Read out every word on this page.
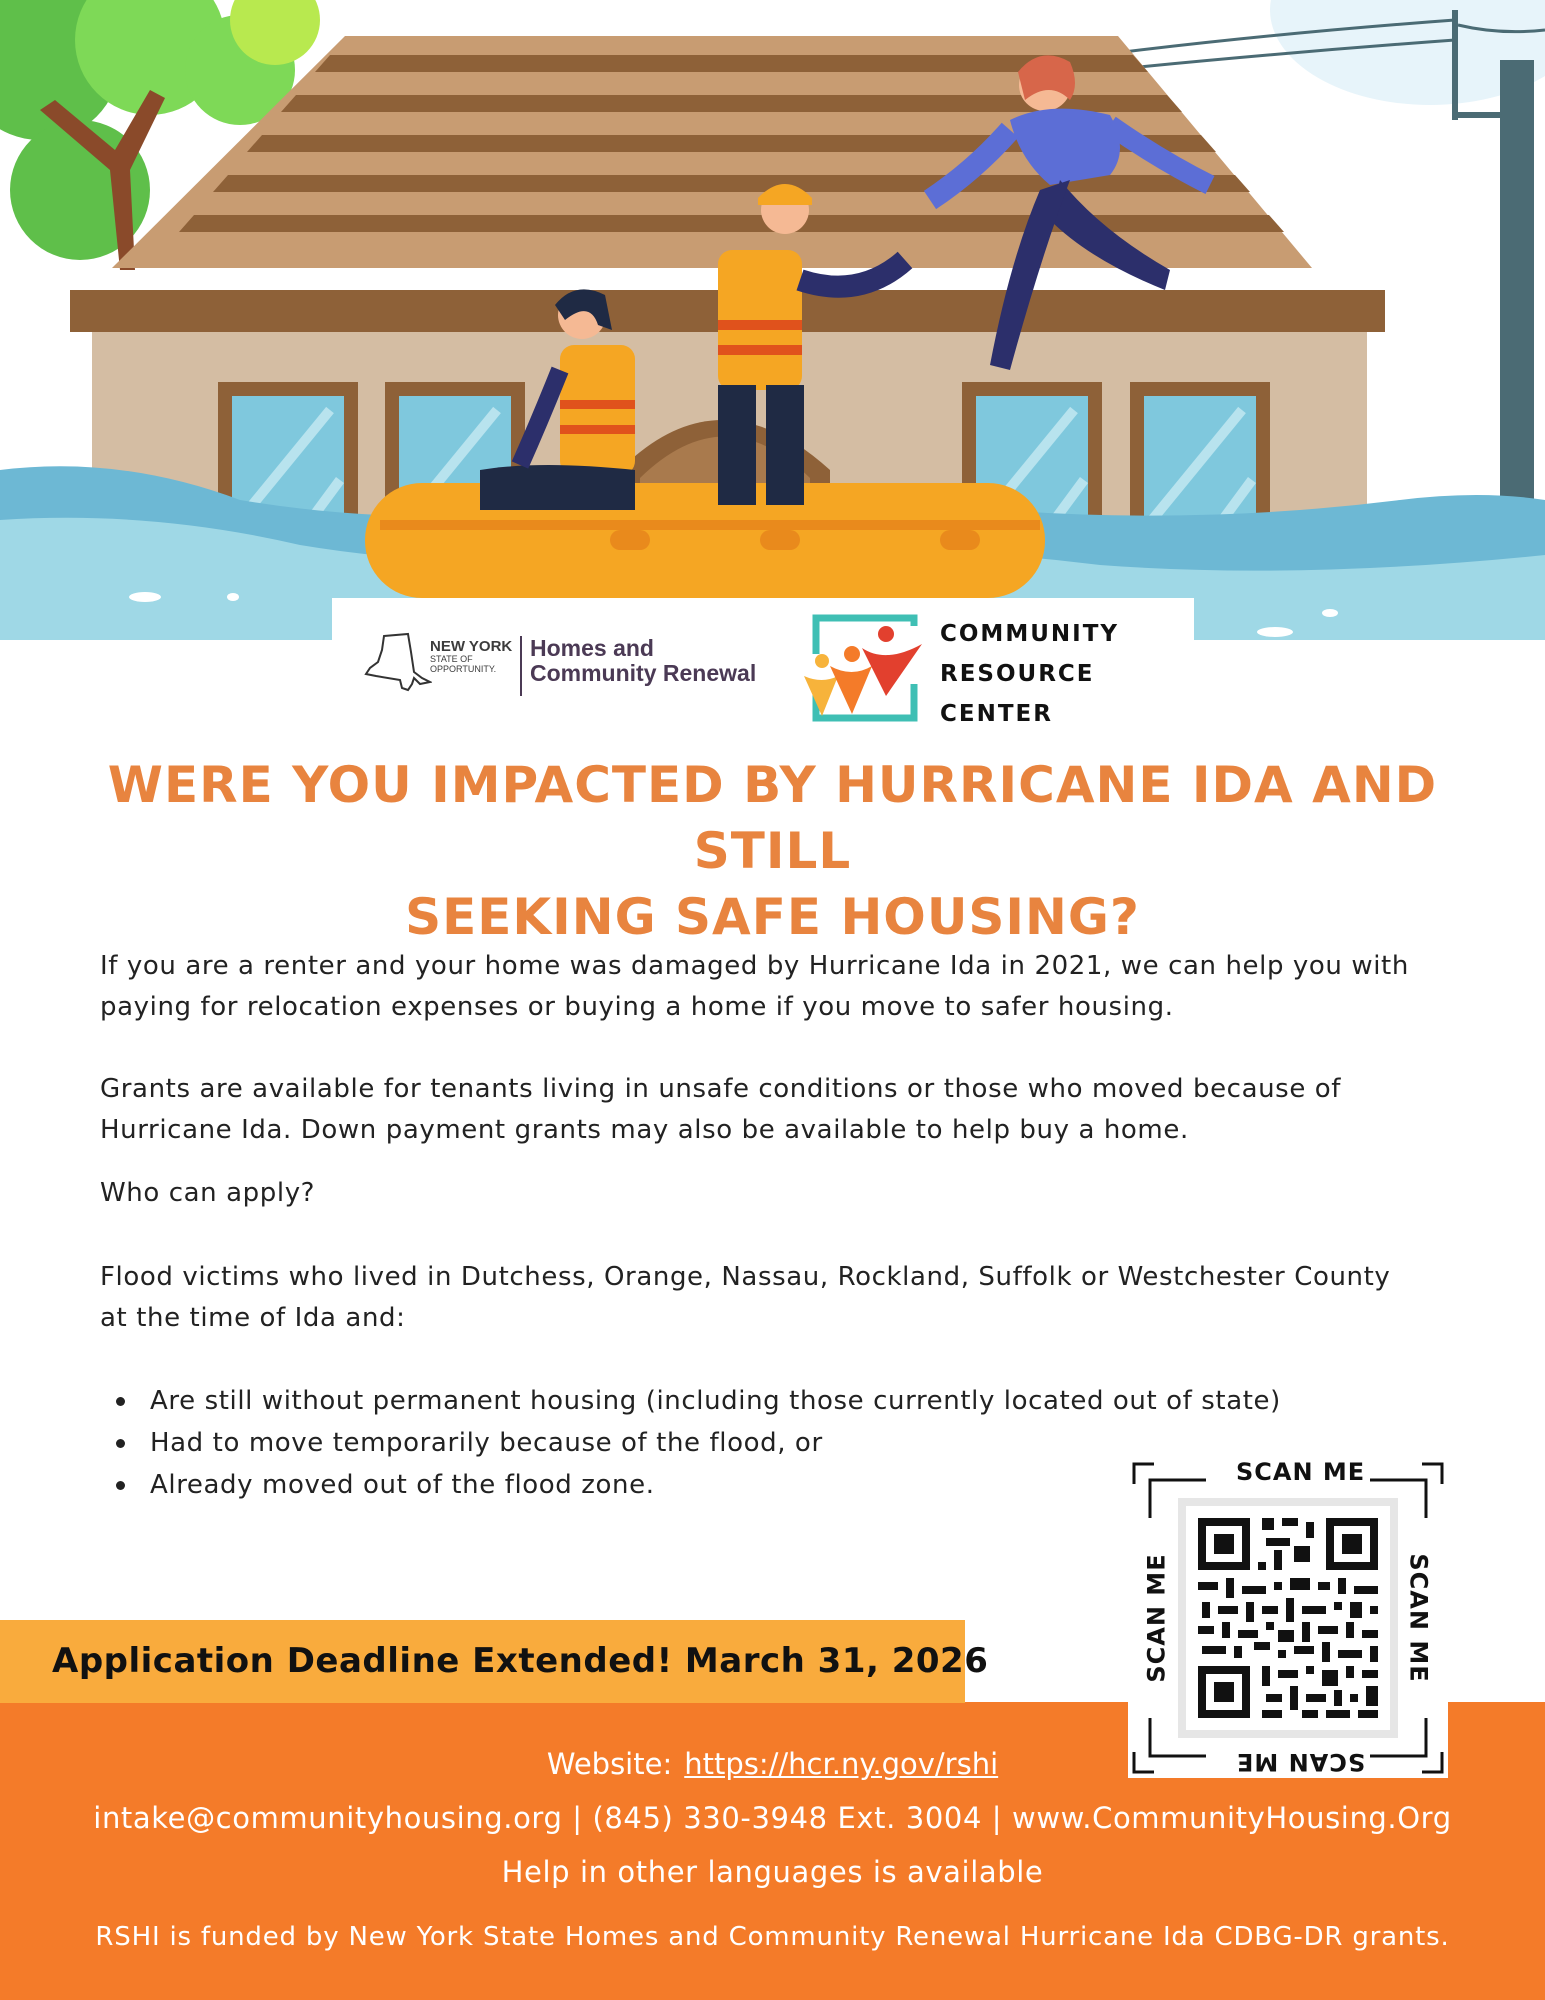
NEW YORK
STATE OF
OPPORTUNITY.
Homes and
Community Renewal
COMMUNITY
RESOURCE
CENTER
WERE YOU IMPACTED BY HURRICANE IDA AND STILL
SEEKING SAFE HOUSING?
If you are a renter and your home was damaged by Hurricane Ida in 2021, we can help you with
paying for relocation expenses or buying a home if you move to safer housing.
Grants are available for tenants living in unsafe conditions or those who moved because of
Hurricane Ida. Down payment grants may also be available to help buy a home.
Who can apply?
Flood victims who lived in Dutchess, Orange, Nassau, Rockland, Suffolk or Westchester County
at the time of Ida and:
Are still without permanent housing (including those currently located out of state)
Had to move temporarily because of the flood, or
Already moved out of the flood zone.
Application Deadline Extended! March 31, 2026
Website: https://hcr.ny.gov/rshi
intake@communityhousing.org | (845) 330-3948 Ext. 3004 | www.CommunityHousing.Org
Help in other languages is available
RSHI is funded by New York State Homes and Community Renewal Hurricane Ida CDBG-DR grants.
SCAN ME
SCAN ME
SCAN ME	SCAN ME
